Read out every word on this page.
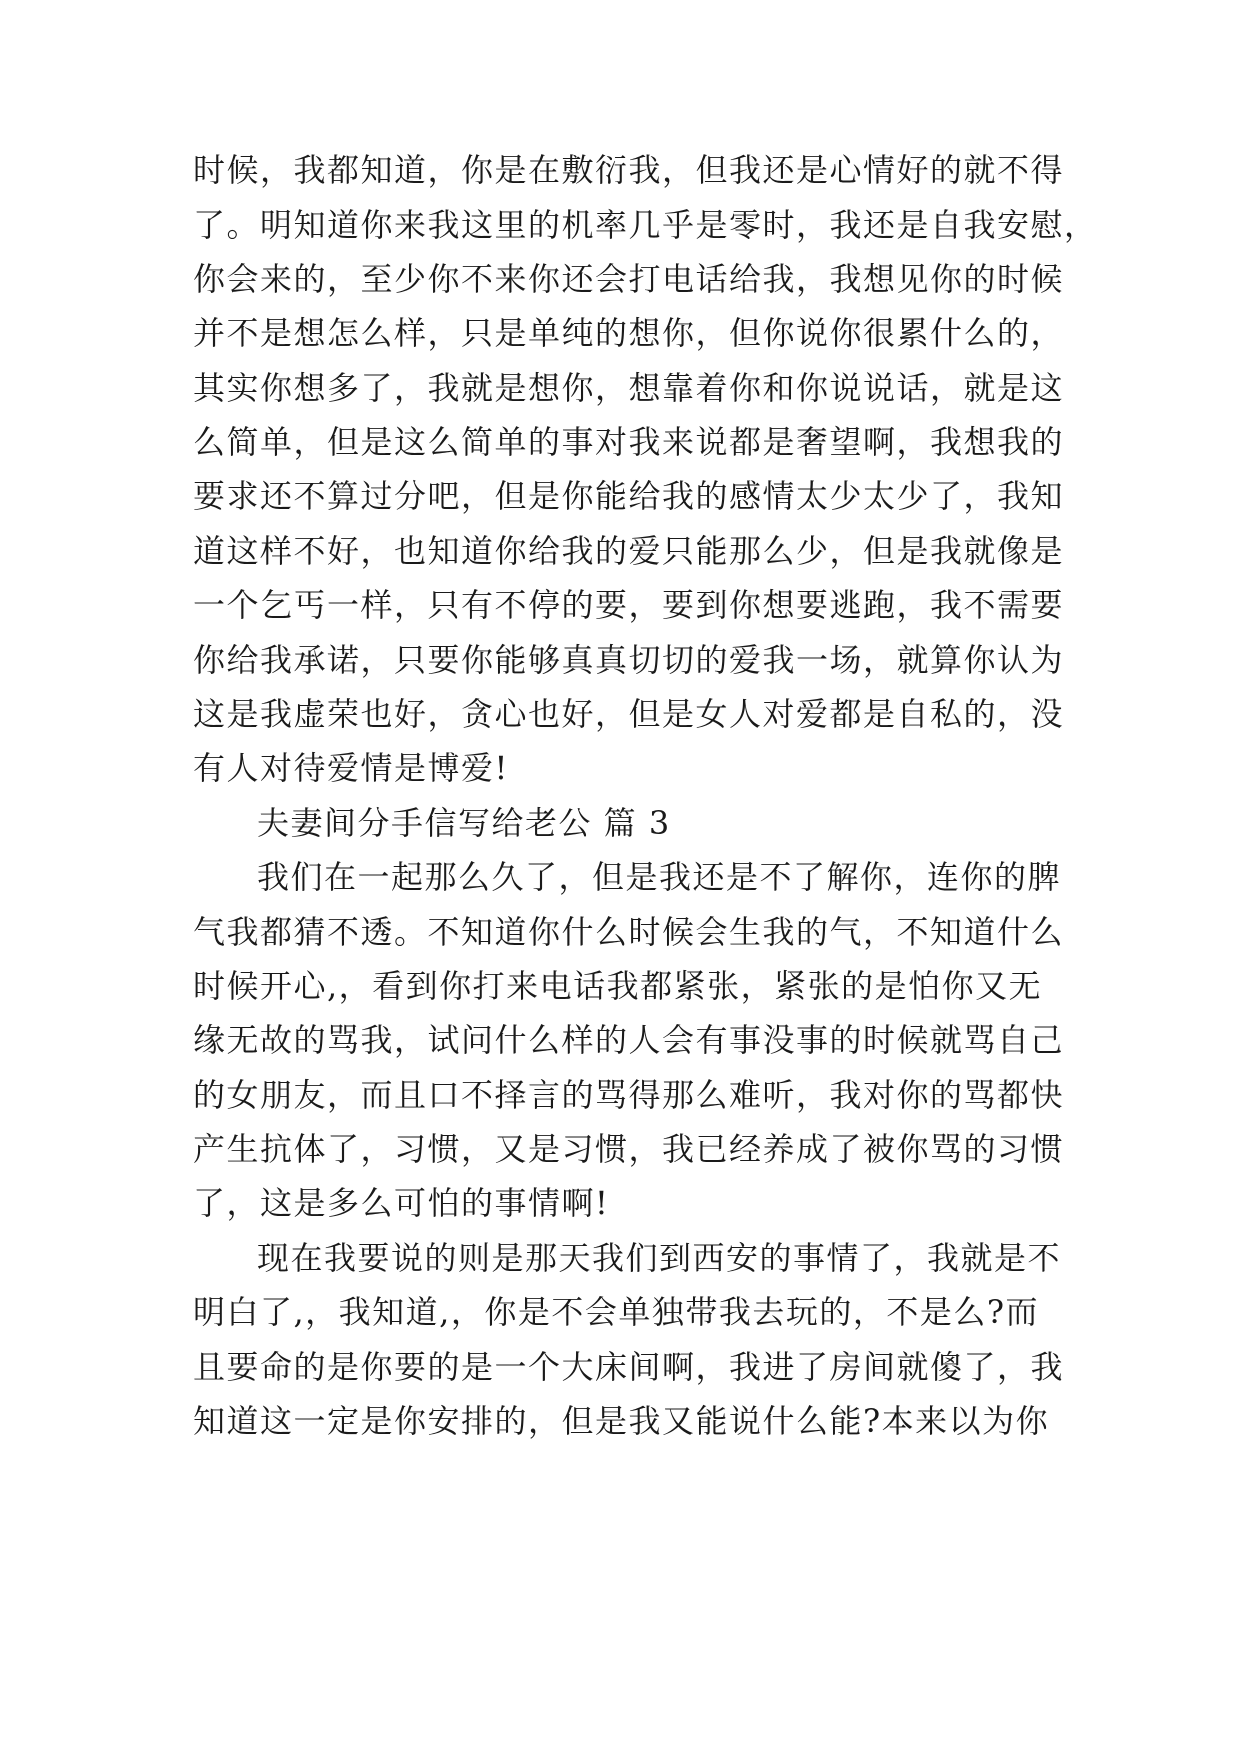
时候，我都知道，你是在敷衍我，但我还是心情好的就不得
了。明知道你来我这里的机率几乎是零时，我还是自我安慰，
你会来的，至少你不来你还会打电话给我，我想见你的时候
并不是想怎么样，只是单纯的想你，但你说你很累什么的，
其实你想多了，我就是想你，想靠着你和你说说话，就是这
么简单，但是这么简单的事对我来说都是奢望啊，我想我的
要求还不算过分吧，但是你能给我的感情太少太少了，我知
道这样不好，也知道你给我的爱只能那么少，但是我就像是
一个乞丐一样，只有不停的要，要到你想要逃跑，我不需要
你给我承诺，只要你能够真真切切的爱我一场，就算你认为
这是我虚荣也好，贪心也好，但是女人对爱都是自私的，没
有人对待爱情是博爱!
夫妻间分手信写给老公 篇 3
我们在一起那么久了，但是我还是不了解你，连你的脾
气我都猜不透。不知道你什么时候会生我的气，不知道什么
时候开心,，看到你打来电话我都紧张，紧张的是怕你又无
缘无故的骂我，试问什么样的人会有事没事的时候就骂自己
的女朋友，而且口不择言的骂得那么难听，我对你的骂都快
产生抗体了，习惯，又是习惯，我已经养成了被你骂的习惯
了，这是多么可怕的事情啊!
现在我要说的则是那天我们到西安的事情了，我就是不
明白了,，我知道,，你是不会单独带我去玩的，不是么?而
且要命的是你要的是一个大床间啊，我进了房间就傻了，我
知道这一定是你安排的，但是我又能说什么能?本来以为你
